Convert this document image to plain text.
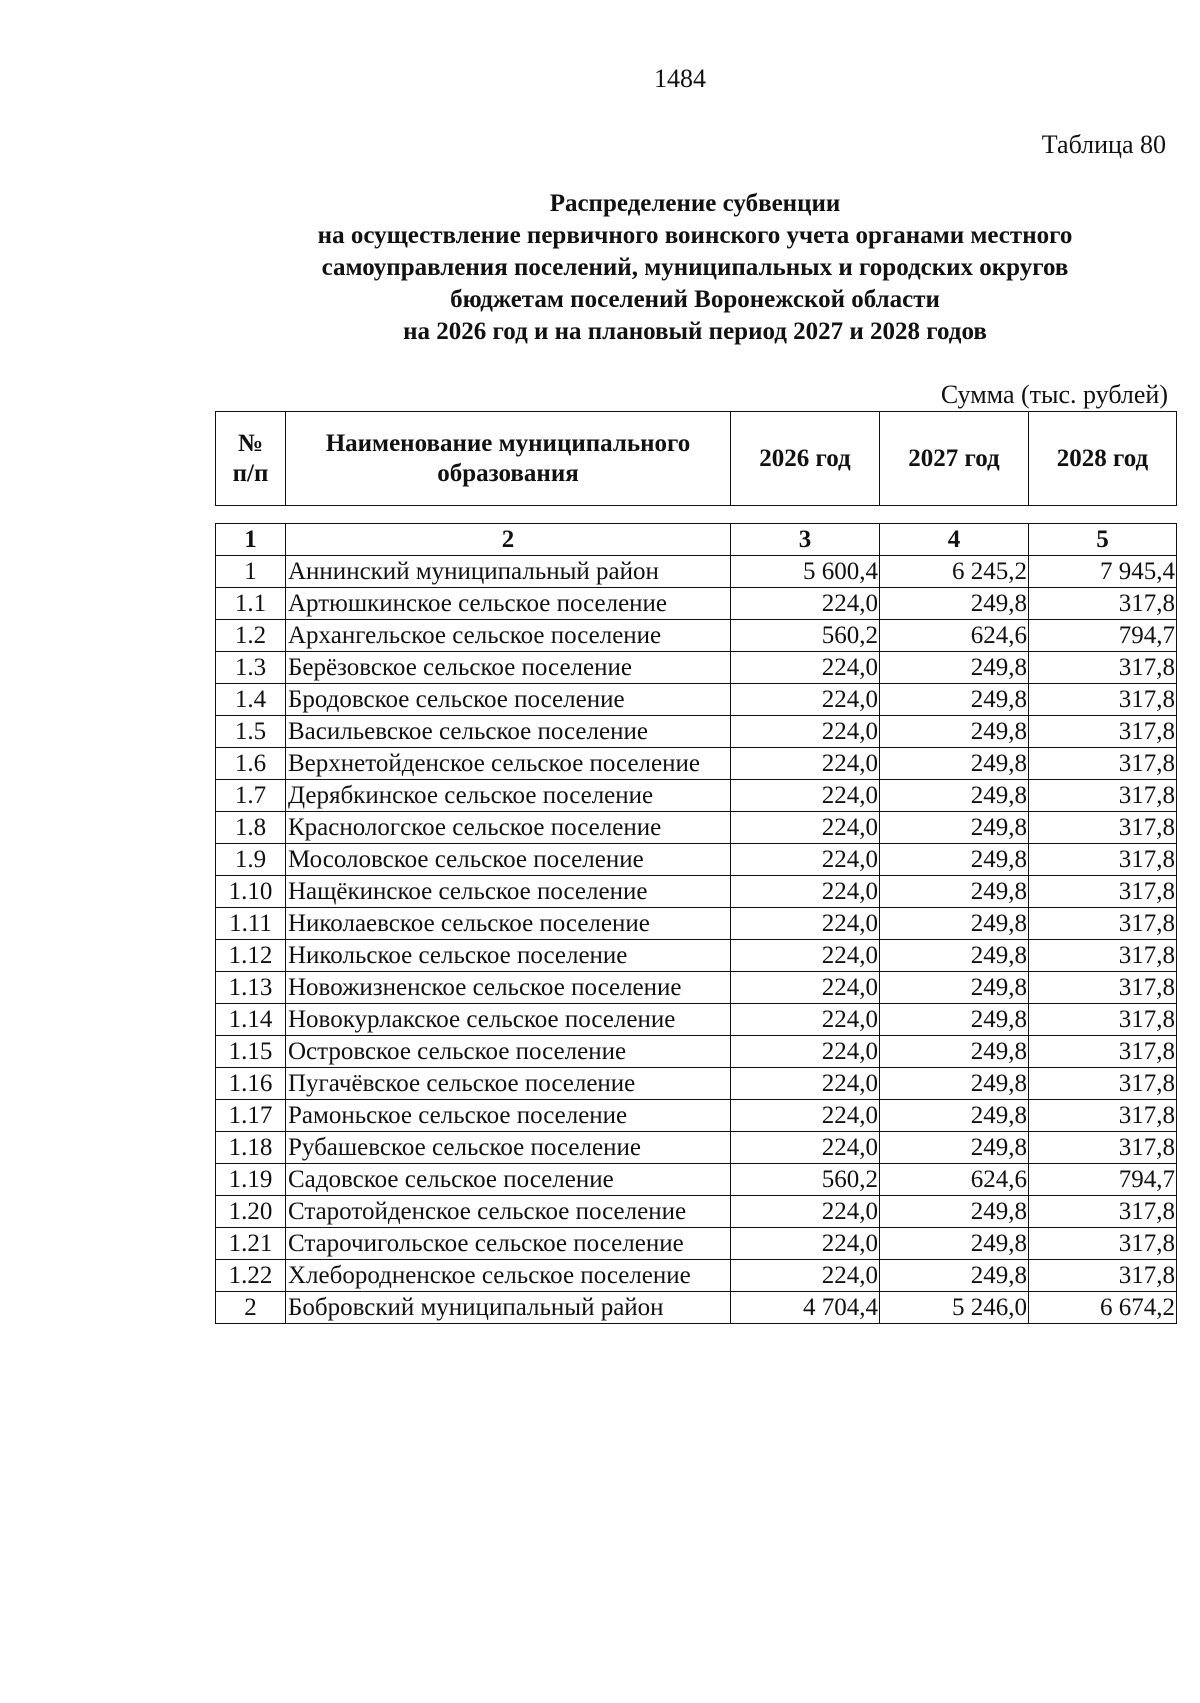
1484
Таблица 80
Распределение субвенции
на осуществление первичного воинского учета органами местного
самоуправления поселений, муниципальных и городских округов
бюджетам поселений Воронежской области
на 2026 год и на плановый период 2027 и 2028 годов
Сумма (тыс. рублей)
№
п/п
	Наименование муниципального образования	2026 год	2027 год	2028 год
1	2	3	4	5
1	Аннинский муниципальный район	5 600,4	6 245,2	7 945,4
1.1	Артюшкинское сельское поселение	224,0	249,8	317,8
1.2	Архангельское сельское поселение	560,2	624,6	794,7
1.3	Берёзовское сельское поселение	224,0	249,8	317,8
1.4	Бродовское сельское поселение	224,0	249,8	317,8
1.5	Васильевское сельское поселение	224,0	249,8	317,8
1.6	Верхнетойденское сельское поселение	224,0	249,8	317,8
1.7	Дерябкинское сельское поселение	224,0	249,8	317,8
1.8	Краснологское сельское поселение	224,0	249,8	317,8
1.9	Мосоловское сельское поселение	224,0	249,8	317,8
1.10	Нащёкинское сельское поселение	224,0	249,8	317,8
1.11	Николаевское сельское поселение	224,0	249,8	317,8
1.12	Никольское сельское поселение	224,0	249,8	317,8
1.13	Новожизненское сельское поселение	224,0	249,8	317,8
1.14	Новокурлакское сельское поселение	224,0	249,8	317,8
1.15	Островское сельское поселение	224,0	249,8	317,8
1.16	Пугачёвское сельское поселение	224,0	249,8	317,8
1.17	Рамоньское сельское поселение	224,0	249,8	317,8
1.18	Рубашевское сельское поселение	224,0	249,8	317,8
1.19	Садовское сельское поселение	560,2	624,6	794,7
1.20	Старотойденское сельское поселение	224,0	249,8	317,8
1.21	Старочигольское сельское поселение	224,0	249,8	317,8
1.22	Хлебородненское сельское поселение	224,0	249,8	317,8
2	Бобровский муниципальный район	4 704,4	5 246,0	6 674,2
